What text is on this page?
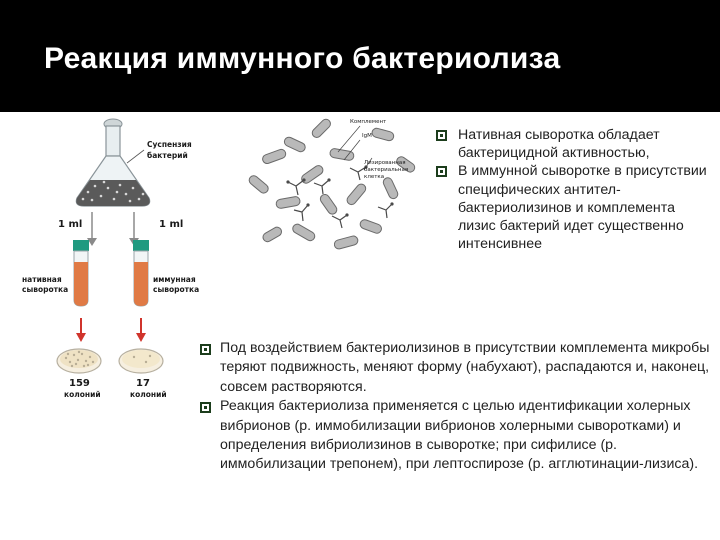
Реакция иммунного бактериолиза
Суспензия бактерий
1 ml	1 ml
нативная сыворотка
иммунная сыворотка
159
колоний
17
колоний
Комплемент
IgM
Лизированная бактериальная клетка
Нативная сыворотка обладает бактерицидной активностью,
В иммунной сыворотке в присутствии специфических антител-бактериолизинов и комплемента лизис бактерий идет существенно интенсивнее
Под воздействием бактериолизинов в присутствии комплемента микробы теряют подвижность, меняют форму (набухают), распадаются и, наконец, совсем растворяются.
Реакция бактериолиза применяется с целью идентификации холерных вибрионов (р. иммобилизации вибрионов холерными сыворотками) и определения вибриолизинов в сыворотке; при сифилисе (р. иммобилизации трепонем), при лептоспирозе (р. агглютинации-лизиса).
